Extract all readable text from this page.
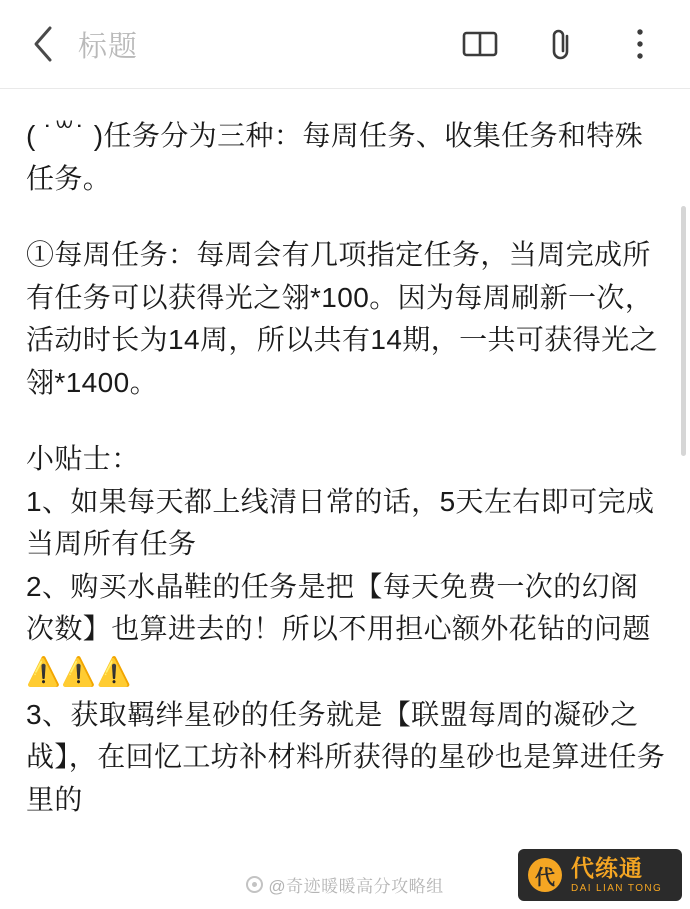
标题

( ˙꒳​˙ )任务分为三种：每周任务、收集任务和特殊任务。

①每周任务：每周会有几项指定任务，当周完成所有任务可以获得光之翎*100。因为每周刷新一次，活动时长为14周，所以共有14期，一共可获得光之翎*1400。

小贴士：

1、如果每天都上线清日常的话，5天左右即可完成当周所有任务

2、购买水晶鞋的任务是把【每天免费一次的幻阁次数】也算进去的！所以不用担心额外花钻的问题⚠️⚠️⚠️

3、获取羁绊星砂的任务就是【联盟每周的凝砂之战】，在回忆工坊补材料所获得的星砂也是算进任务里的

@奇迹暖暖高分攻略组	代 代练通
DAI LIAN TONG
